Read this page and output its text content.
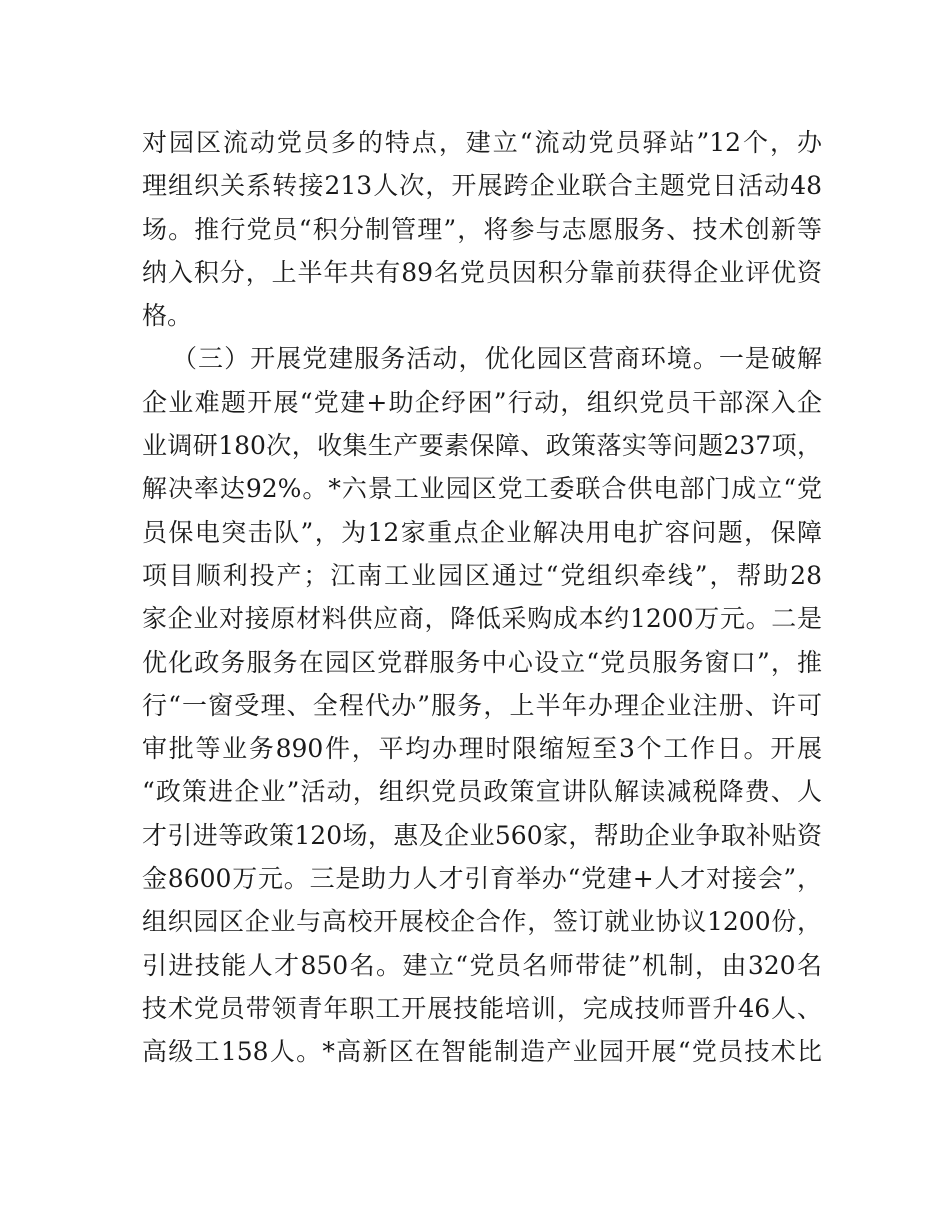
对园区流动党员多的特点，建立“流动党员驿站”12个，办
理组织关系转接213人次，开展跨企业联合主题党日活动48
场。推行党员“积分制管理”，将参与志愿服务、技术创新等
纳入积分，上半年共有89名党员因积分靠前获得企业评优资
格。
（三）开展党建服务活动，优化园区营商环境。一是破解
企业难题开展“党建+助企纾困”行动，组织党员干部深入企
业调研180次，收集生产要素保障、政策落实等问题237项，
解决率达92%。*六景工业园区党工委联合供电部门成立“党
员保电突击队”，为12家重点企业解决用电扩容问题，保障
项目顺利投产；江南工业园区通过“党组织牵线”，帮助28
家企业对接原材料供应商，降低采购成本约1200万元。二是
优化政务服务在园区党群服务中心设立“党员服务窗口”，推
行“一窗受理、全程代办”服务，上半年办理企业注册、许可
审批等业务890件，平均办理时限缩短至3个工作日。开展
“政策进企业”活动，组织党员政策宣讲队解读减税降费、人
才引进等政策120场，惠及企业560家，帮助企业争取补贴资
金8600万元。三是助力人才引育举办“党建+人才对接会”，
组织园区企业与高校开展校企合作，签订就业协议1200份，
引进技能人才850名。建立“党员名师带徒”机制，由320名
技术党员带领青年职工开展技能培训，完成技师晋升46人、
高级工158人。*高新区在智能制造产业园开展“党员技术比
